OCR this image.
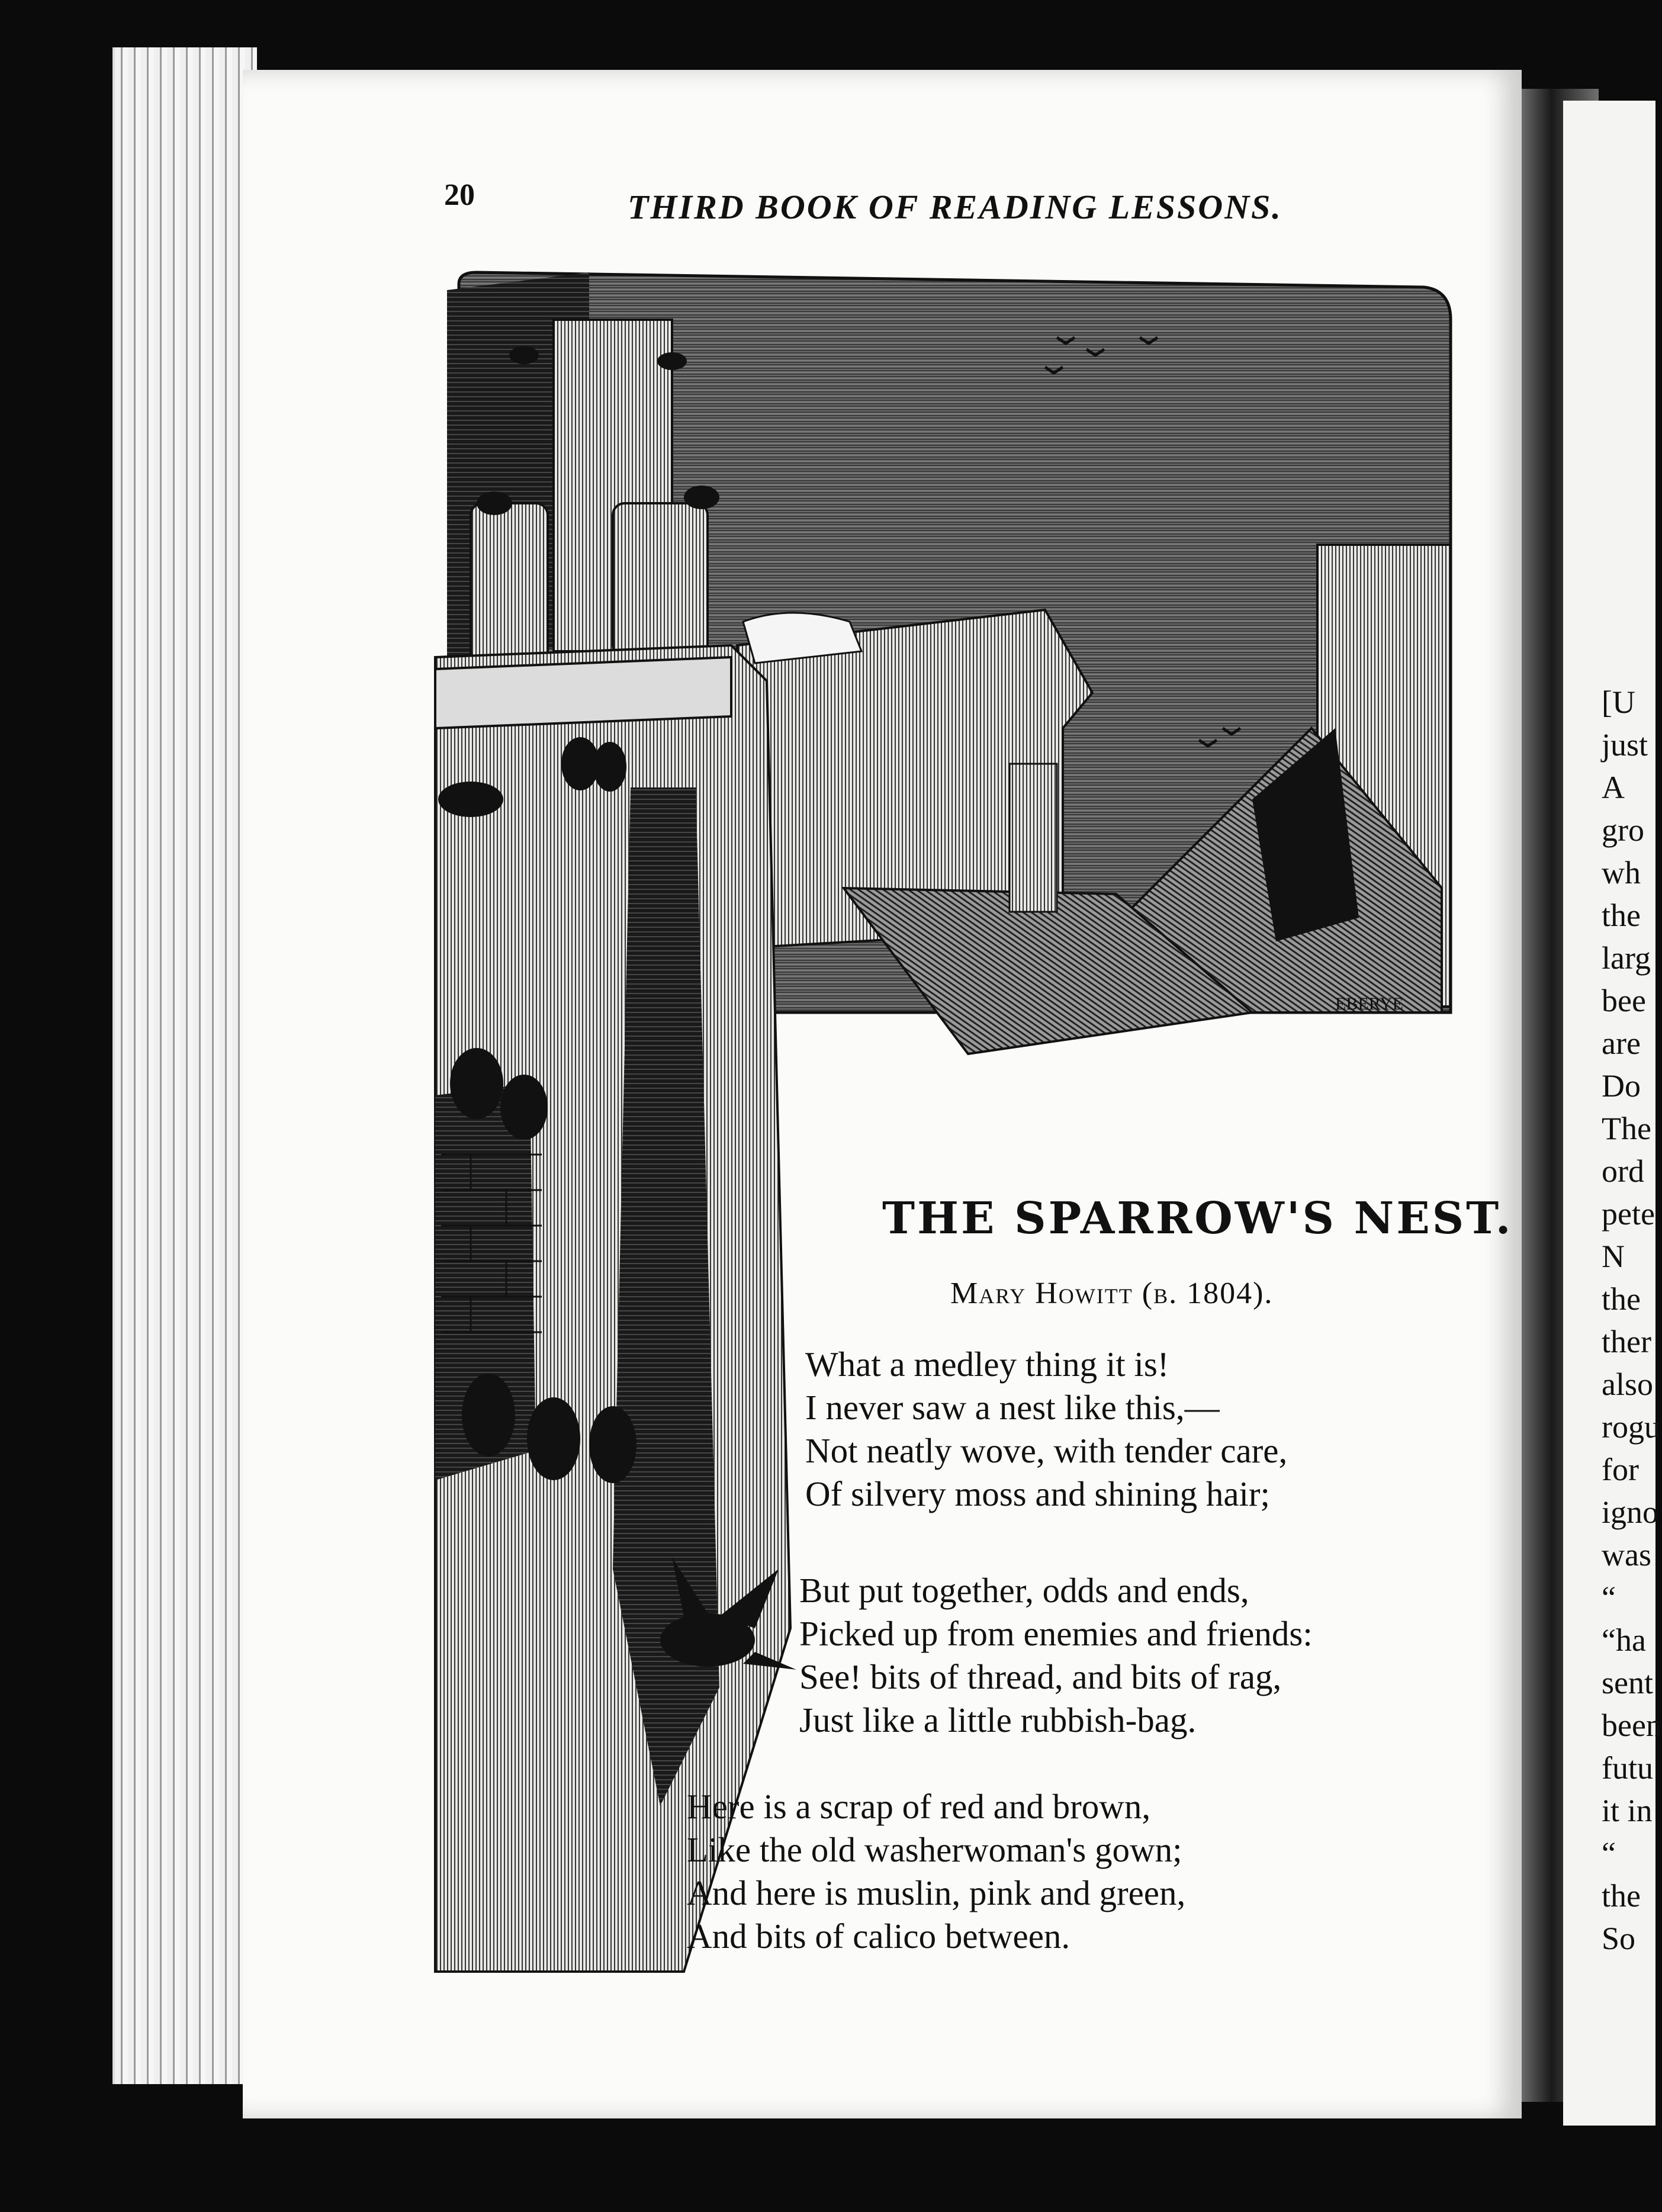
20	THIRD BOOK OF READING LESSONS.
EBERYE
THE SPARROW'S NEST.
Mary Howitt (b. 1804).
What a medley thing it is!
I never saw a nest like this,—
Not neatly wove, with tender care,
Of silvery moss and shining hair;
But put together, odds and ends,
Picked up from enemies and friends:
See! bits of thread, and bits of rag,
Just like a little rubbish-bag.
Here is a scrap of red and brown,
Like the old washerwoman's gown;
And here is muslin, pink and green,
And bits of calico between.
[U
just
A
gro
wh
the
larg
bee
are
Do
The
ord
pete
N
the
ther
also
rogu
for
igno
was
“
“ha
sent
been
futu
it in
“
the
So
